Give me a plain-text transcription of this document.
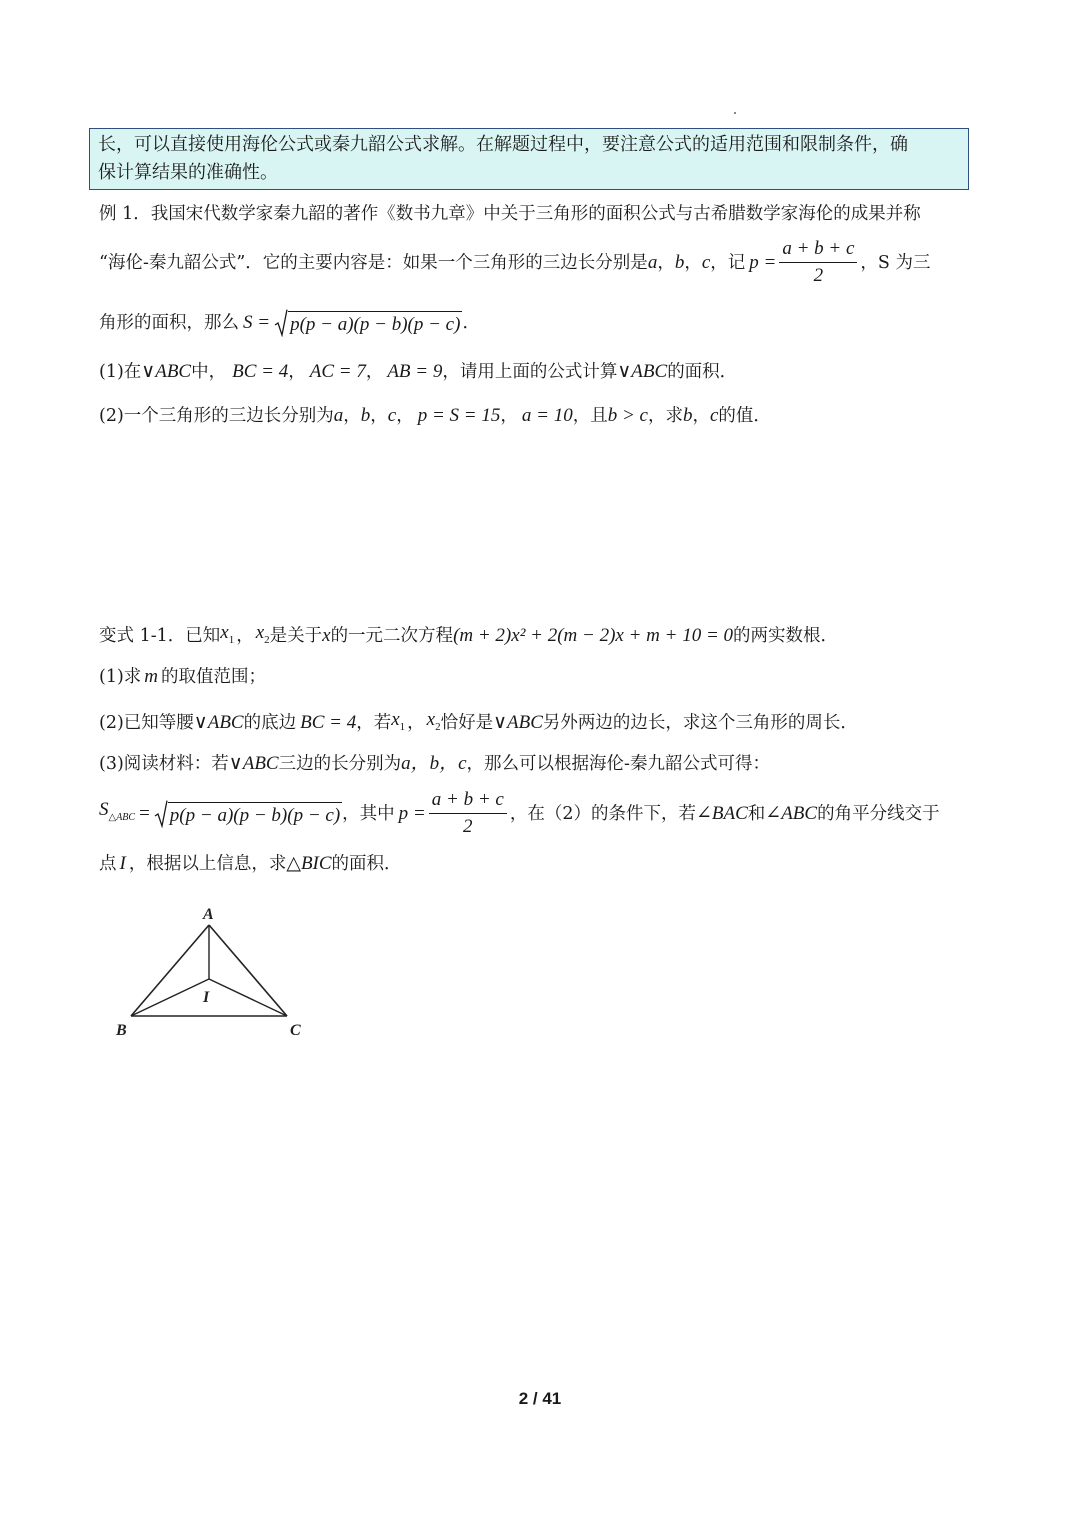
长，可以直接使用海伦公式或秦九韶公式求解。在解题过程中，要注意公式的适用范围和限制条件，确
保计算结果的准确性。
例 1．我国宋代数学家秦九韶的著作《数书九章》中关于三角形的面积公式与古希腊数学家海伦的成果并称
“海伦-秦九韶公式”．它的主要内容是：如果一个三角形的三边长分别是 a ， b ， c ， 记 $p = \frac{a + b + c}{2}$ ，S 为三
角形的面积，那么 S = p(p − a)(p − b)(p − c) ．
(1)在 ∨ ABC 中， BC = 4 ， AC = 7 ， AB = 9 ，请用上面的公式计算 ∨ ABC 的面积．
(2)一个三角形的三边长分别为 a ， b ， c ， p = S = 15 ， a = 10 ，且 b > c ，求 b ， c 的值．
变式 1-1．已知 $x_1$ ， $x_2$ 是关于 x 的一元二次方程 (m + 2)x² + 2(m − 2)x + m + 10 = 0 的两实数根．
(1)求 m 的取值范围；
(2)已知等腰 ∨ ABC 的底边 BC = 4 ，若 $x_1$ ， $x_2$ 恰好是 ∨ ABC 另外两边的边长，求这个三角形的周长．
(3)阅读材料：若 ∨ ABC 三边的长分别为 a，b，c ，那么可以根据海伦-秦九韶公式可得：
$S_{\triangle ABC} = p(p - a)(p - b)(p - c)$ ，其中 $p = \frac{a + b + c}{2}$ ，在（2）的条件下，若 ∠BAC 和 ∠ABC 的角平分线交于
点 I ，根据以上信息，求 △BIC 的面积．
A
B	C
I
2 / 41
